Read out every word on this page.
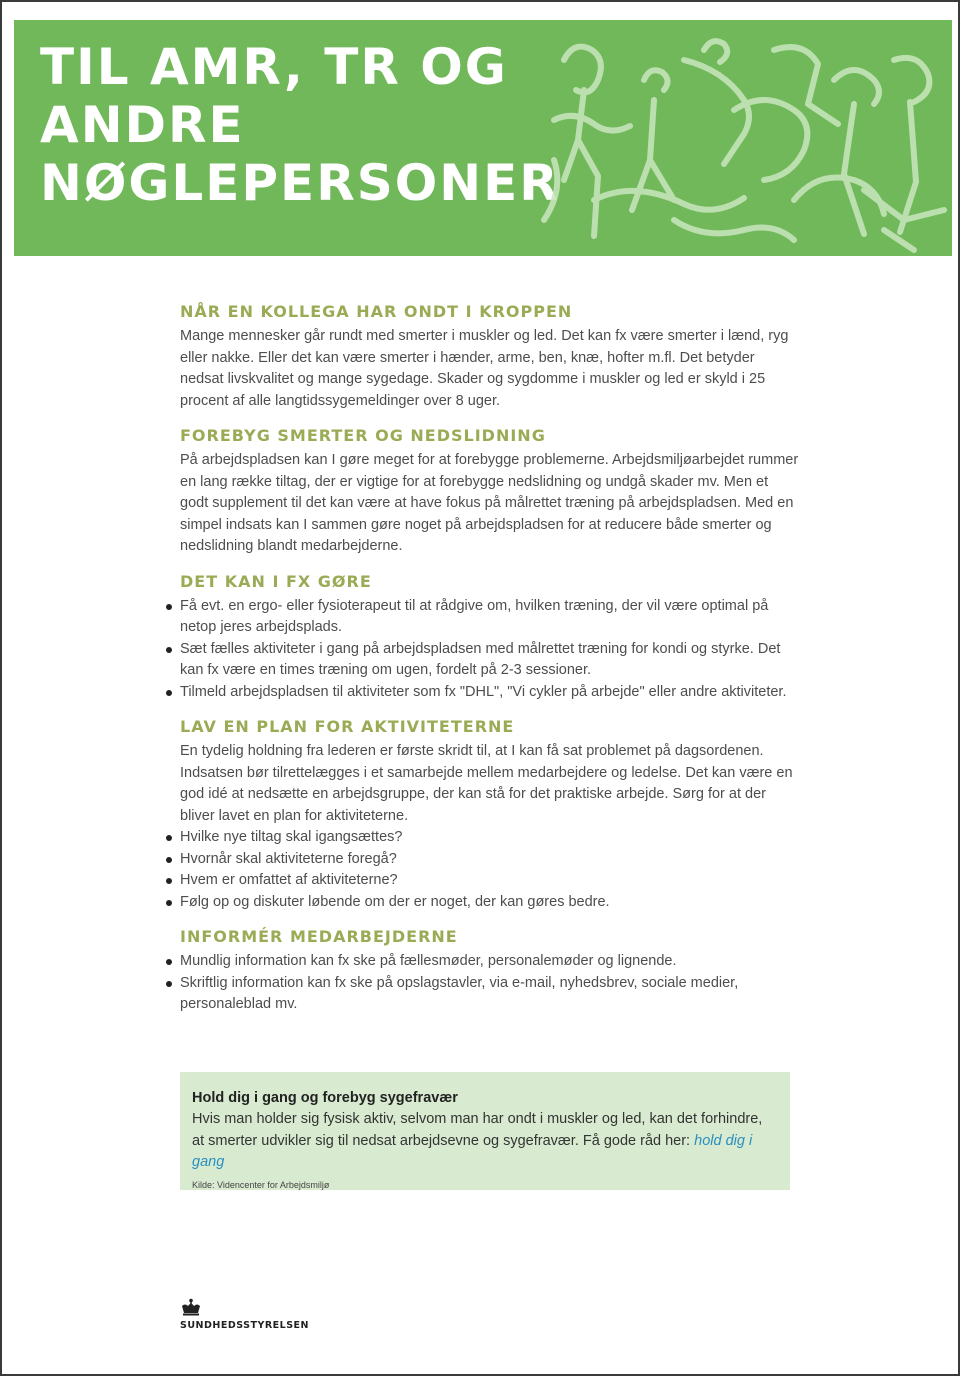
TIL AMR, TR OG
ANDRE
NØGLEPERSONER
NÅR EN KOLLEGA HAR ONDT I KROPPEN

Mange mennesker går rundt med smerter i muskler og led. Det kan fx være smerter i lænd, ryg eller nakke. Eller det kan være smerter i hænder, arme, ben, knæ, hofter m.fl. Det betyder nedsat livskvalitet og mange sygedage. Skader og sygdomme i muskler og led er skyld i 25 procent af alle langtidssygemeldinger over 8 uger.

FOREBYG SMERTER OG NEDSLIDNING

På arbejdspladsen kan I gøre meget for at forebygge problemerne. Arbejdsmiljøarbejdet rummer en lang række tiltag, der er vigtige for at forebygge nedslidning og undgå skader mv. Men et godt supplement til det kan være at have fokus på målrettet træning på arbejdspladsen. Med en simpel indsats kan I sammen gøre noget på arbejdspladsen for at reducere både smerter og nedslidning blandt medarbejderne.

DET KAN I FX GØRE
Få evt. en ergo- eller fysioterapeut til at rådgive om, hvilken træning, der vil være optimal på netop jeres arbejdsplads.
Sæt fælles aktiviteter i gang på arbejdspladsen med målrettet træning for kondi og styrke. Det kan fx være en times træning om ugen, fordelt på 2-3 sessioner.
Tilmeld arbejdspladsen til aktiviteter som fx "DHL", "Vi cykler på arbejde" eller andre aktiviteter.
LAV EN PLAN FOR AKTIVITETERNE

En tydelig holdning fra lederen er første skridt til, at I kan få sat problemet på dagsordenen. Indsatsen bør tilrettelægges i et samarbejde mellem medarbejdere og ledelse. Det kan være en god idé at nedsætte en arbejdsgruppe, der kan stå for det praktiske arbejde. Sørg for at der bliver lavet en plan for aktiviteterne.

Hvilke nye tiltag skal igangsættes?
Hvornår skal aktiviteterne foregå?
Hvem er omfattet af aktiviteterne?
Følg op og diskuter løbende om der er noget, der kan gøres bedre.
INFORMÉR MEDARBEJDERNE
Mundlig information kan fx ske på fællesmøder, personalemøder og lignende.
Skriftlig information kan fx ske på opslagstavler, via e-mail, nyhedsbrev, sociale medier, personaleblad mv.

Hold dig i gang og forebyg sygefravær

Hvis man holder sig fysisk aktiv, selvom man har ondt i muskler og led, kan det forhindre, at smerter udvikler sig til nedsat arbejdsevne og sygefravær. Få gode råd her: hold dig i gang

Kilde: Videncenter for Arbejdsmiljø

SUNDHEDSSTYRELSEN
